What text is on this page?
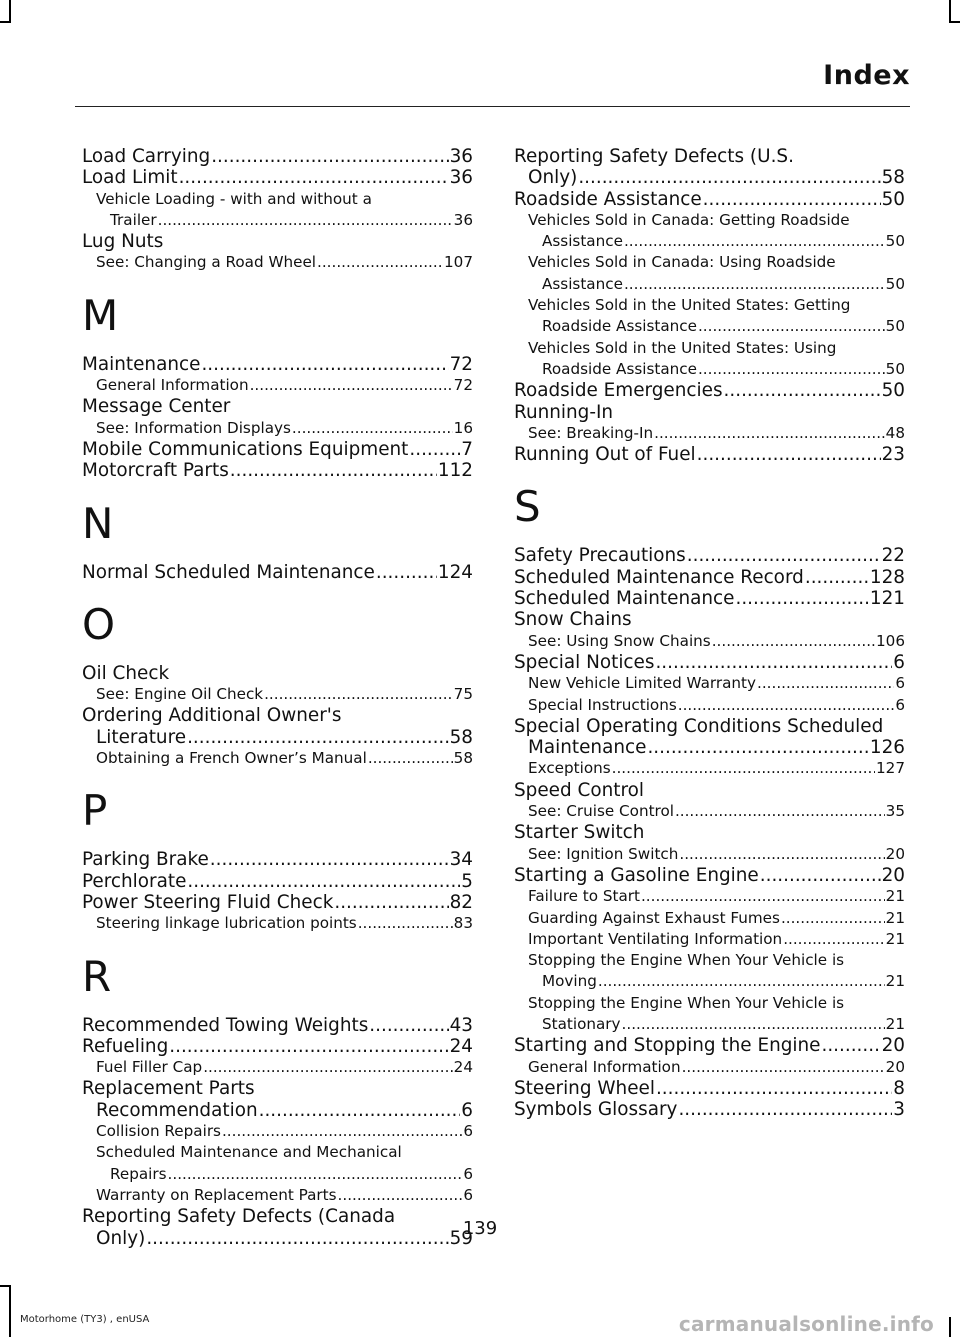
Index
Load Carrying .....	36
Load Limit .....	36
Vehicle Loading - with and without a
Trailer .....	36
Lug Nuts
See: Changing a Road Wheel .....	107
M
Maintenance .....	72
General Information .....	72
Message Center
See: Information Displays .....	16
Mobile Communications Equipment .....	7
Motorcraft Parts .....	112
N
Normal Scheduled Maintenance .....	124
O
Oil Check
See: Engine Oil Check .....	75
Ordering Additional Owner's
Literature .....	58
Obtaining a French Owner’s Manual .....	58
P
Parking Brake .....	34
Perchlorate .....	5
Power Steering Fluid Check .....	82
Steering linkage lubrication points .....	83
R
Recommended Towing Weights .....	43
Refueling .....	24
Fuel Filler Cap .....	24
Replacement Parts
Recommendation .....	6
Collision Repairs .....	6
Scheduled Maintenance and Mechanical
Repairs .....	6
Warranty on Replacement Parts .....	6
Reporting Safety Defects (Canada
Only) .....	59
Reporting Safety Defects (U.S.
Only) .....	58
Roadside Assistance .....	50
Vehicles Sold in Canada: Getting Roadside
Assistance .....	50
Vehicles Sold in Canada: Using Roadside
Assistance .....	50
Vehicles Sold in the United States: Getting
Roadside Assistance .....	50
Vehicles Sold in the United States: Using
Roadside Assistance .....	50
Roadside Emergencies .....	50
Running-In
See: Breaking-In .....	48
Running Out of Fuel .....	23
S
Safety Precautions .....	22
Scheduled Maintenance Record .....	128
Scheduled Maintenance .....	121
Snow Chains
See: Using Snow Chains .....	106
Special Notices .....	6
New Vehicle Limited Warranty .....	6
Special Instructions .....	6
Special Operating Conditions Scheduled
Maintenance .....	126
Exceptions .....	127
Speed Control
See: Cruise Control .....	35
Starter Switch
See: Ignition Switch .....	20
Starting a Gasoline Engine .....	20
Failure to Start .....	21
Guarding Against Exhaust Fumes .....	21
Important Ventilating Information .....	21
Stopping the Engine When Your Vehicle is
Moving .....	21
Stopping the Engine When Your Vehicle is
Stationary .....	21
Starting and Stopping the Engine .....	20
General Information .....	20
Steering Wheel .....	8
Symbols Glossary .....	3
139
Motorhome (TY3) , enUSA	carmanualsonline.info
